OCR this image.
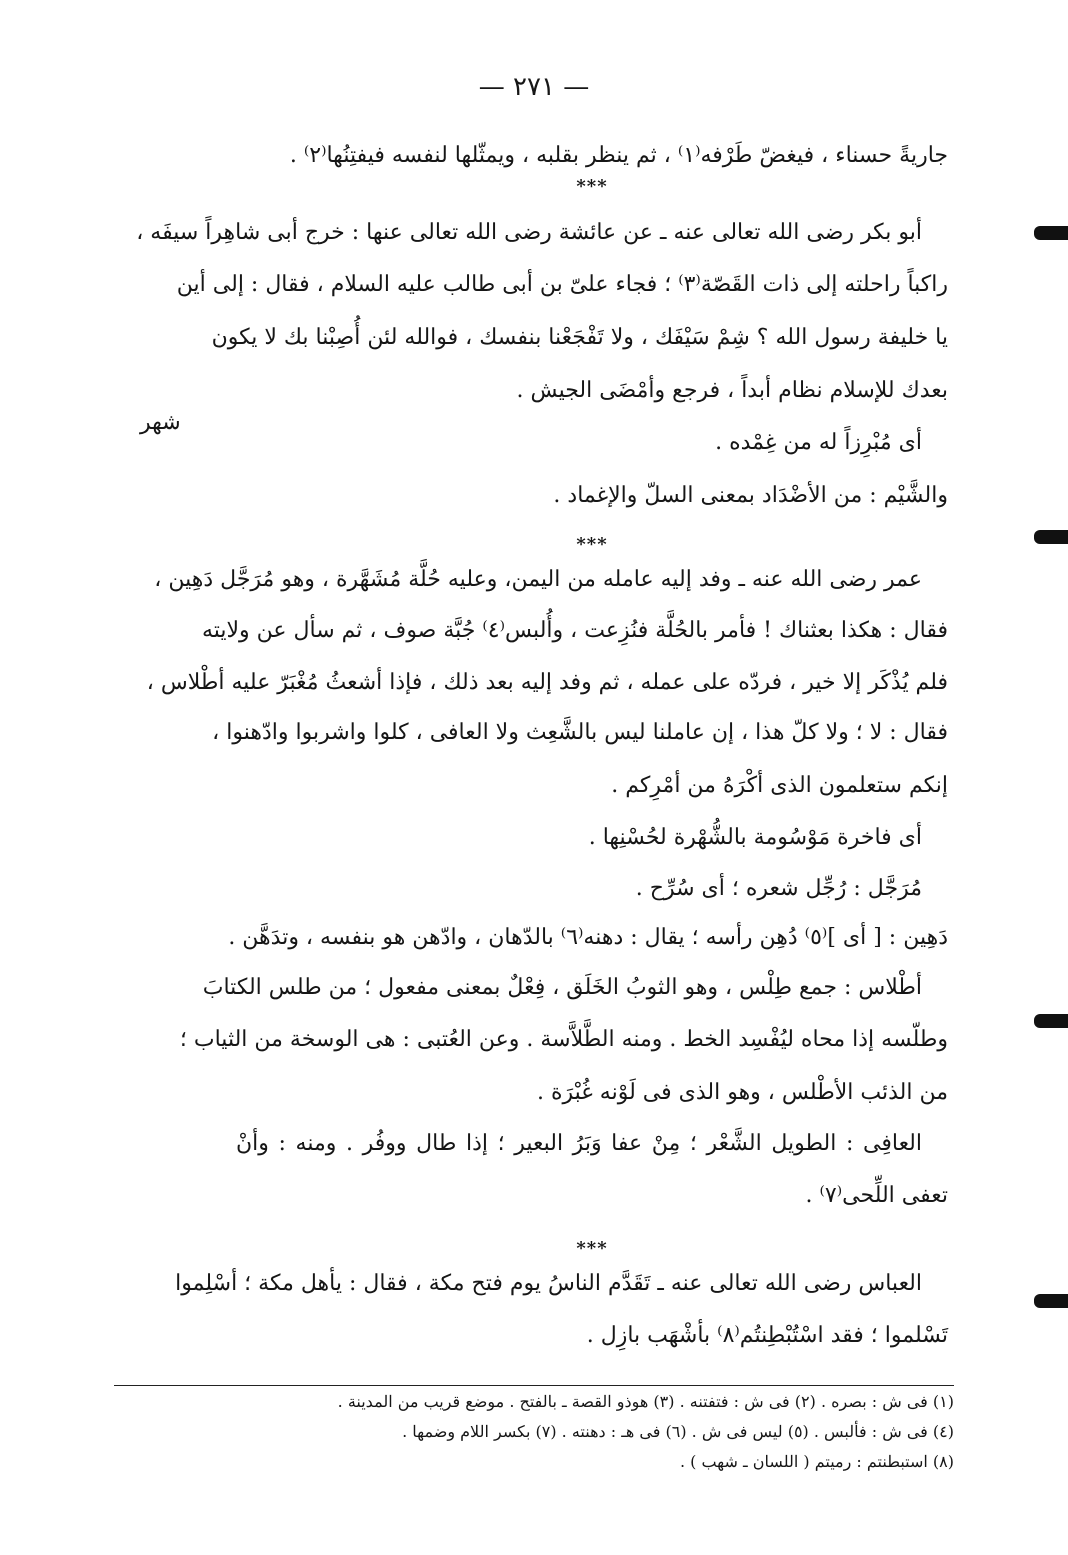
— ٢٧١ —
شهر
جاريةً حسناء ، فيغضّ طَرْفه⁽١⁾ ، ثم ينظر بقلبه ، ويمثّلها لنفسه فيفتِنُها⁽٢⁾ .
***
أبو بكر رضى الله تعالى عنه ـ عن عائشة رضى الله تعالى عنها : خرج أبى شاهِراً سيفَه ،
راكباً راحلته إلى ذات القَصّة⁽٣⁾ ؛ فجاء علىّ بن أبى طالب عليه السلام ، فقال : إلى أين
يا خليفة رسول الله ؟ شِمْ سَيْفَك ، ولا تَفْجَعْنا بنفسك ، فوالله لئن أُصِبْنا بك لا يكون
بعدك للإسلام نظام أبداً ، فرجع وأمْضَى الجيش .
أى مُبْرِزاً له من غِمْده .
والشَّيْم : من الأضْدَاد بمعنى السلّ والإغماد .
***
عمر رضى الله عنه ـ وفد إليه عامله من اليمن، وعليه حُلَّة مُشَهَّرة ، وهو مُرَجَّل دَهِين ،
فقال : هكذا بعثناك ! فأمر بالحُلَّة فنُزِعت ، وأُلبس⁽٤⁾ جُبَّة صوف ، ثم سأل عن ولايته
فلم يُذْكَر إلا خير ، فردّه على عمله ، ثم وفد إليه بعد ذلك ، فإذا أشعثُ مُغْبَرّ عليه أطْلاس ،
فقال : لا ؛ ولا كلّ هذا ، إن عاملنا ليس بالشَّعِث ولا العافى ، كلوا واشربوا وادّهنوا ،
إنكم ستعلمون الذى أكْرَهُ من أمْرِكم .
أى فاخرة مَوْسُومة بالشُّهْرة لحُسْنِها .
مُرَجَّل : رُجِّل شعره ؛ أى سُرِّح .
دَهِين : [ أى ]⁽٥⁾ دُهِن رأسه ؛ يقال : دهنه⁽٦⁾ بالدّهان ، وادّهن هو بنفسه ، وتدَهَّن .
أطْلاس : جمع طِلْس ، وهو الثوبُ الخَلَق ، فِعْلٌ بمعنى مفعول ؛ من طلس الكتابَ
وطلّسه إذا محاه ليُفْسِد الخط . ومنه الطَّلاَّسة . وعن العُتبى : هى الوسخة من الثياب ؛
من الذئب الأطْلس ، وهو الذى فى لَوْنه غُبْرَة .
العافِى : الطويل الشَّعْر ؛ مِنْ عفا وَبَرُ البعير ؛ إذا طال ووفُر . ومنه : وأنْ
تعفى اللِّحى⁽٧⁾ .
***
العباس رضى الله تعالى عنه ـ تَقَدَّم الناسُ يوم فتح مكة ، فقال : يأهل مكة ؛ أسْلِموا
تَسْلموا ؛ فقد اسْتُبْطِنتُم⁽٨⁾ بأشْهَب بازِل .
(١) فى ش : بصره . (٢) فى ش : فتفتنه . (٣) هوذو القصة ـ بالفتح . موضع قريب من المدينة .
(٤) فى ش : فألبس . (٥) ليس فى ش . (٦) فى هـ : دهنته . (٧) بكسر اللام وضمها .
(٨) استبطنتم : رميتم ( اللسان ـ شهب ) .
